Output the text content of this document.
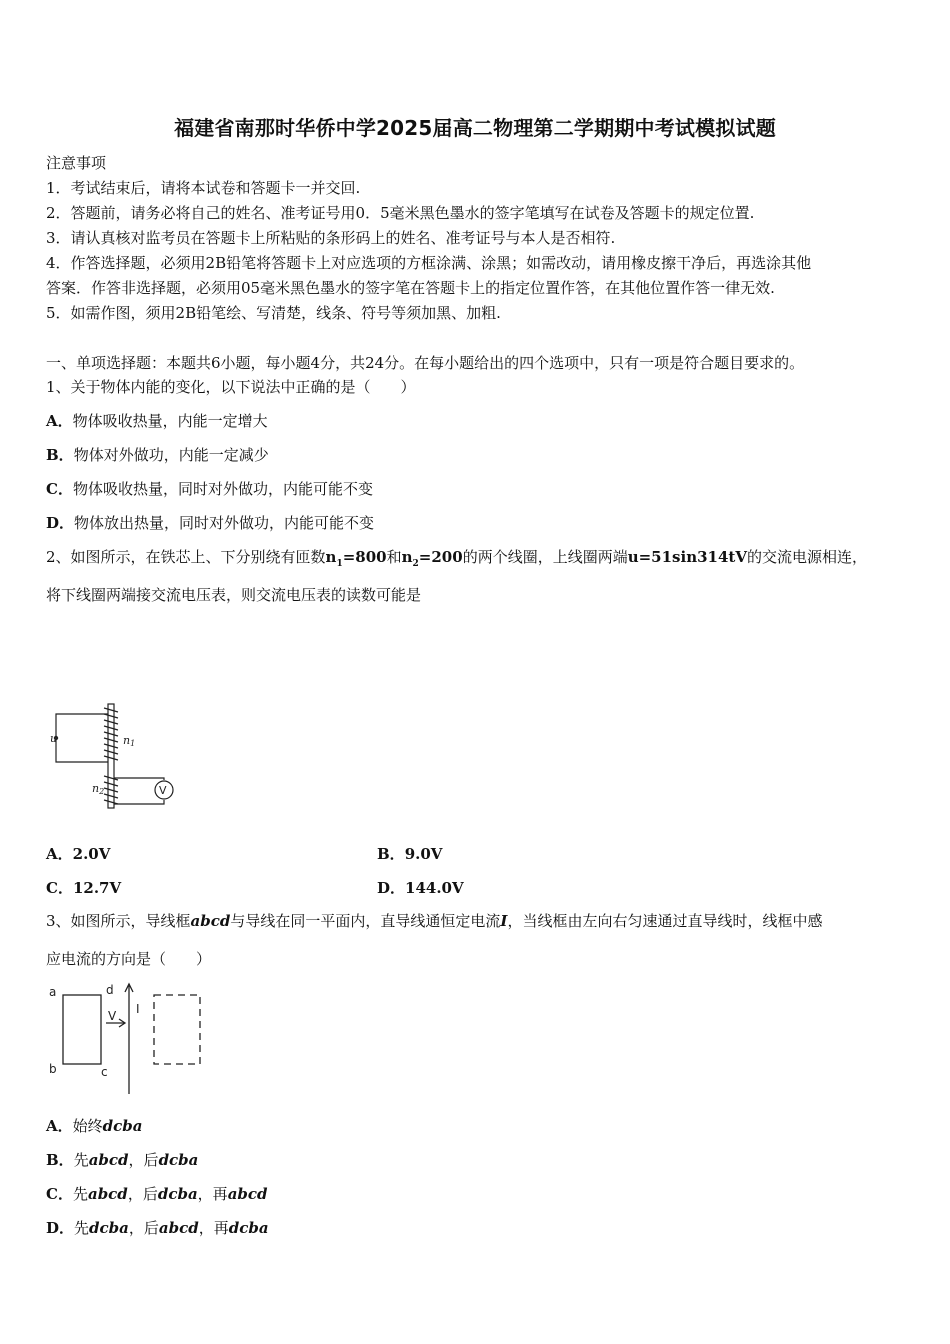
福建省南那时华侨中学2025届高二物理第二学期期中考试模拟试题
注意事项
1．考试结束后，请将本试卷和答题卡一并交回.
2．答题前，请务必将自己的姓名、准考证号用0．5毫米黑色墨水的签字笔填写在试卷及答题卡的规定位置.
3．请认真核对监考员在答题卡上所粘贴的条形码上的姓名、准考证号与本人是否相符.
4．作答选择题，必须用2B铅笔将答题卡上对应选项的方框涂满、涂黑；如需改动，请用橡皮擦干净后，再选涂其他
答案．作答非选择题，必须用05毫米黑色墨水的签字笔在答题卡上的指定位置作答，在其他位置作答一律无效.
5．如需作图，须用2B铅笔绘、写清楚，线条、符号等须加黑、加粗.
一、单项选择题：本题共6小题，每小题4分，共24分。在每小题给出的四个选项中，只有一项是符合题目要求的。
1、关于物体内能的变化，以下说法中正确的是（　　）
A．物体吸收热量，内能一定增大
B．物体对外做功，内能一定减少
C．物体吸收热量，同时对外做功，内能可能不变
D．物体放出热量，同时对外做功，内能可能不变
2、如图所示，在铁芯上、下分别绕有匝数$n_1=800$和$n_2=200$的两个线圈，上线圈两端u=51sin314tV的交流电源相连，
将下线圈两端接交流电压表，则交流电压表的读数可能是
u	n1
n2	V
A．2.0V	B．9.0V
C．12.7V	D．144.0V
3、如图所示，导线框abcd与导线在同一平面内，直导线通恒定电流I，当线框由左向右匀速通过直导线时，线框中感
应电流的方向是（　　）
a
b	c
d
V I
A．始终dcba
B．先abcd，后dcba
C．先abcd，后dcba，再abcd
D．先dcba，后abcd，再dcba
